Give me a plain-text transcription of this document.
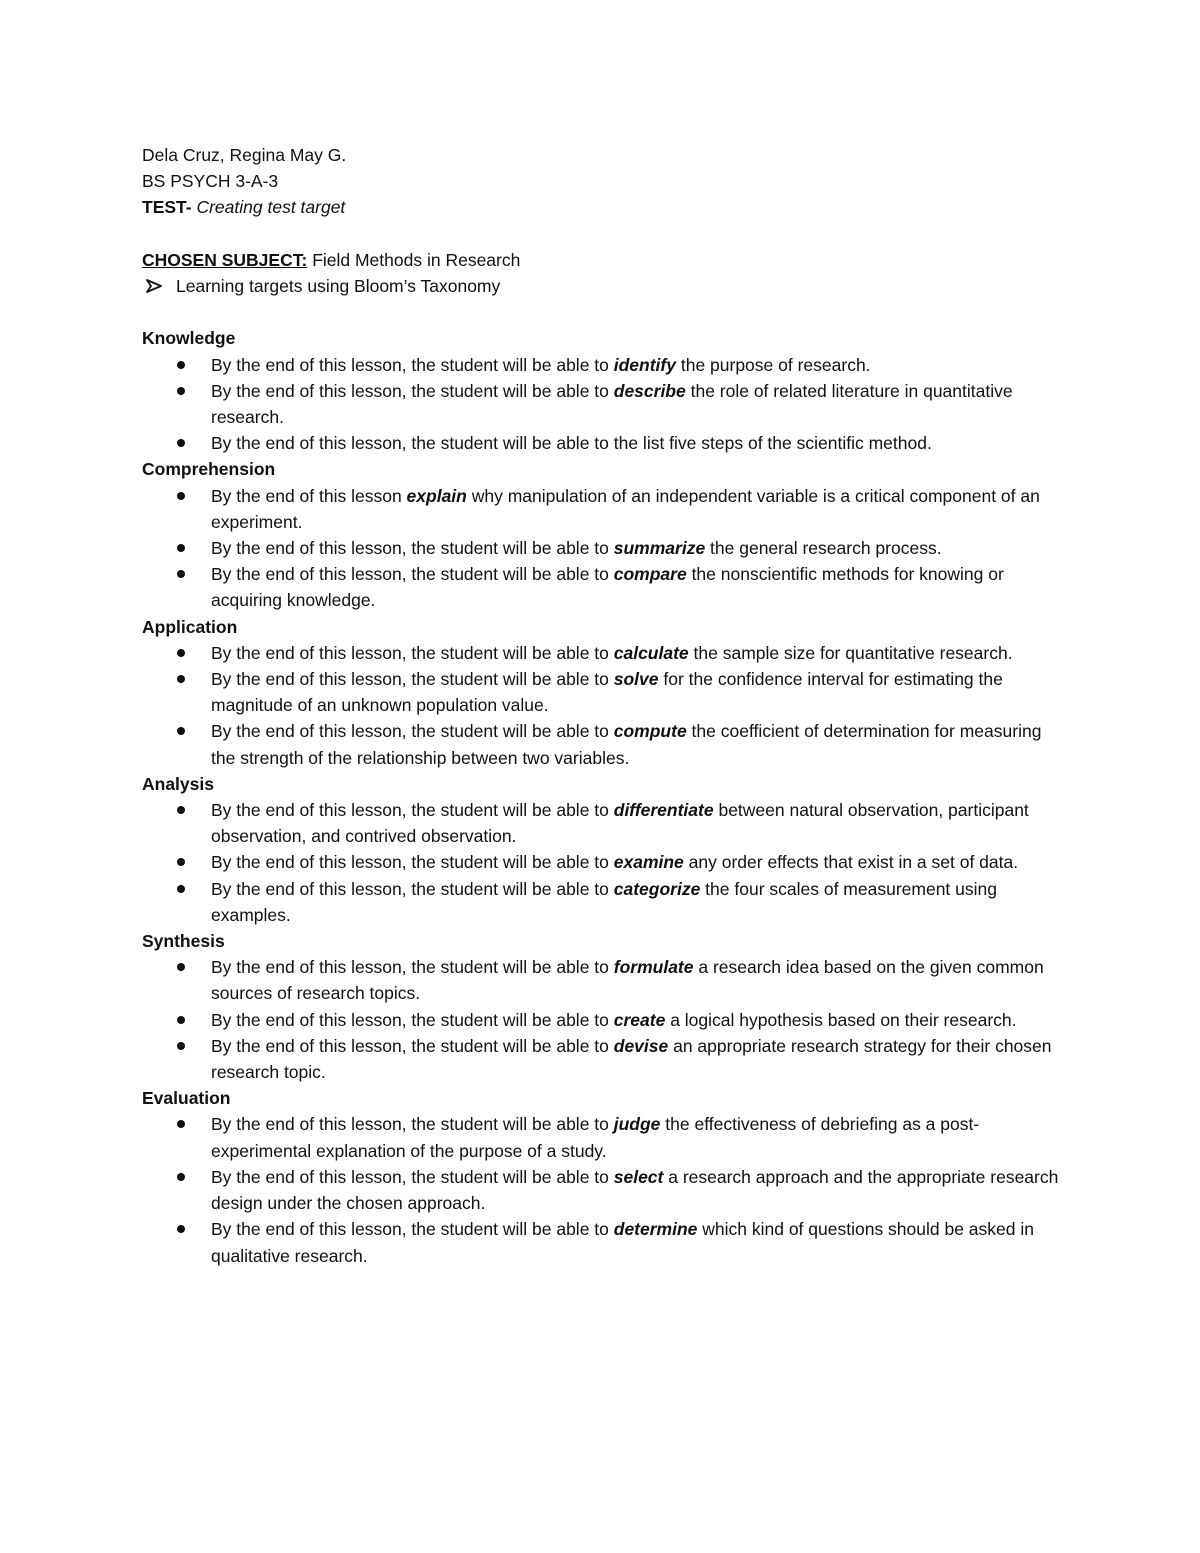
Dela Cruz, Regina May G.
BS PSYCH 3-A-3
TEST- Creating test target
CHOSEN SUBJECT: Field Methods in Research
Learning targets using Bloom’s Taxonomy
Knowledge
By the end of this lesson, the student will be able to identify the purpose of research.
By the end of this lesson, the student will be able to describe the role of related literature in quantitative research.
By the end of this lesson, the student will be able to the list five steps of the scientific method.
Comprehension
By the end of this lesson explain why manipulation of an independent variable is a critical component of an experiment.
By the end of this lesson, the student will be able to summarize the general research process.
By the end of this lesson, the student will be able to compare the nonscientific methods for knowing or acquiring knowledge.
Application
By the end of this lesson, the student will be able to calculate the sample size for quantitative research.
By the end of this lesson, the student will be able to solve for the confidence interval for estimating the magnitude of an unknown population value.
By the end of this lesson, the student will be able to compute the coefficient of determination for measuring the strength of the relationship between two variables.
Analysis
By the end of this lesson, the student will be able to differentiate between natural observation, participant observation, and contrived observation.
By the end of this lesson, the student will be able to examine any order effects that exist in a set of data.
By the end of this lesson, the student will be able to categorize the four scales of measurement using examples.
Synthesis
By the end of this lesson, the student will be able to formulate a research idea based on the given common sources of research topics.
By the end of this lesson, the student will be able to create a logical hypothesis based on their research.
By the end of this lesson, the student will be able to devise an appropriate research strategy for their chosen research topic.
Evaluation
By the end of this lesson, the student will be able to judge the effectiveness of debriefing as a post-experimental explanation of the purpose of a study.
By the end of this lesson, the student will be able to select a research approach and the appropriate research design under the chosen approach.
By the end of this lesson, the student will be able to determine which kind of questions should be asked in qualitative research.
